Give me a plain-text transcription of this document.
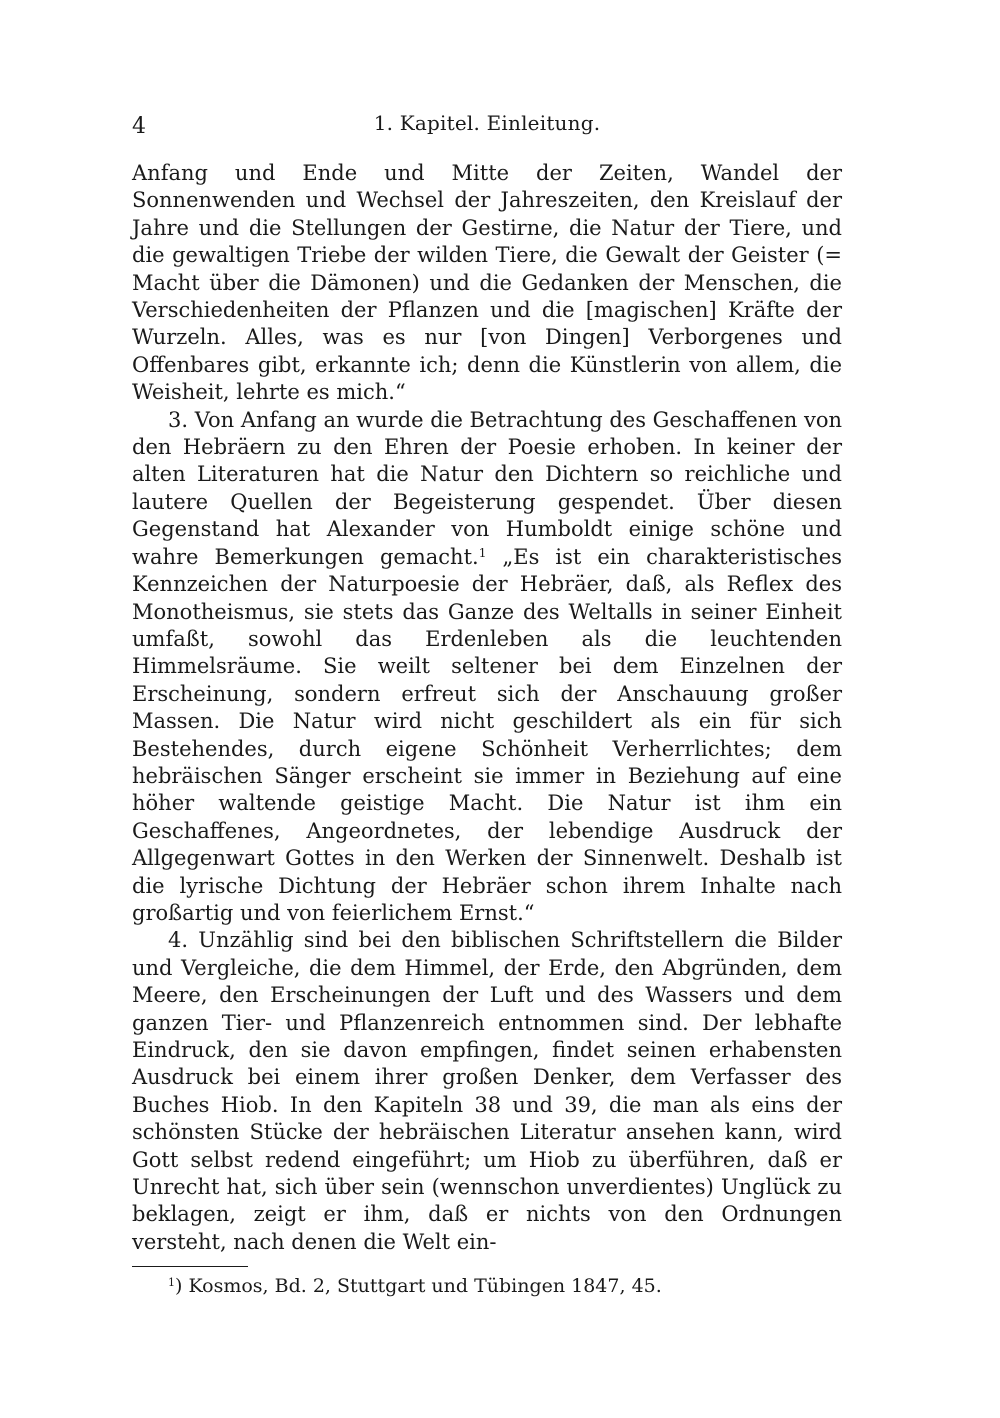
4	1. Kapitel. Einleitung.

Anfang und Ende und Mitte der Zeiten, Wandel der Sonnenwenden und Wechsel der Jahreszeiten, den Kreislauf der Jahre und die Stellungen der Gestirne, die Natur der Tiere, und die gewaltigen Triebe der wilden Tiere, die Gewalt der Geister (= Macht über die Dämonen) und die Gedanken der Menschen, die Verschiedenheiten der Pflanzen und die [magischen] Kräfte der Wurzeln. Alles, was es nur [von Dingen] Verborgenes und Offenbares gibt, erkannte ich; denn die Künstlerin von allem, die Weisheit, lehrte es mich.“

3. Von Anfang an wurde die Betrachtung des Geschaffenen von den Hebräern zu den Ehren der Poesie erhoben. In keiner der alten Literaturen hat die Natur den Dichtern so reichliche und lautere Quellen der Begeisterung gespendet. Über diesen Gegenstand hat Alexander von Humboldt einige schöne und wahre Bemerkungen gemacht.$^1$ „Es ist ein charakteristisches Kennzeichen der Naturpoesie der Hebräer, daß, als Reflex des Monotheismus, sie stets das Ganze des Weltalls in seiner Einheit umfaßt, sowohl das Erdenleben als die leuchtenden Himmelsräume. Sie weilt seltener bei dem Einzelnen der Erscheinung, sondern erfreut sich der Anschauung großer Massen. Die Natur wird nicht geschildert als ein für sich Bestehendes, durch eigene Schönheit Verherrlichtes; dem hebräischen Sänger erscheint sie immer in Beziehung auf eine höher waltende geistige Macht. Die Natur ist ihm ein Geschaffenes, Angeordnetes, der lebendige Ausdruck der Allgegenwart Gottes in den Werken der Sinnenwelt. Deshalb ist die lyrische Dichtung der Hebräer schon ihrem Inhalte nach großartig und von feierlichem Ernst.“

4. Unzählig sind bei den biblischen Schriftstellern die Bilder und Vergleiche, die dem Himmel, der Erde, den Abgründen, dem Meere, den Erscheinungen der Luft und des Wassers und dem ganzen Tier- und Pflanzenreich entnommen sind. Der lebhafte Eindruck, den sie davon empfingen, findet seinen erhabensten Ausdruck bei einem ihrer großen Denker, dem Verfasser des Buches Hiob. In den Kapiteln 38 und 39, die man als eins der schönsten Stücke der hebräischen Literatur ansehen kann, wird Gott selbst redend eingeführt; um Hiob zu überführen, daß er Unrecht hat, sich über sein (wennschon unverdientes) Unglück zu beklagen, zeigt er ihm, daß er nichts von den Ordnungen versteht, nach denen die Welt ein-

$^1$) Kosmos, Bd. 2, Stuttgart und Tübingen 1847, 45.
